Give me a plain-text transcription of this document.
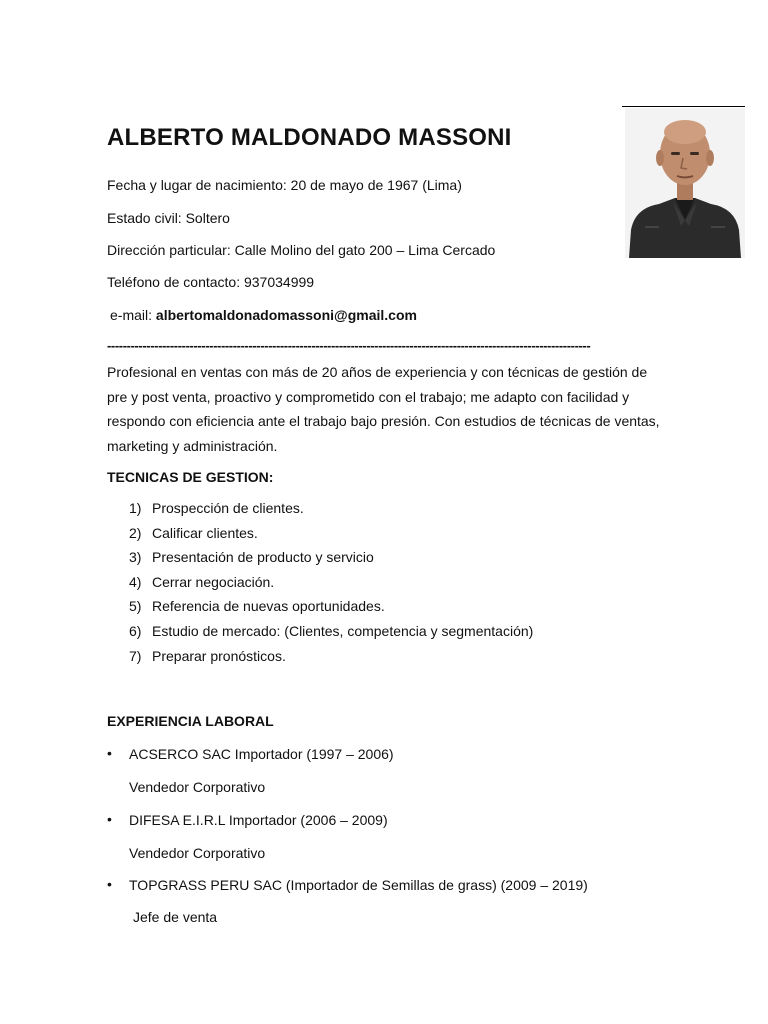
ALBERTO MALDONADO MASSONI
Fecha y lugar de nacimiento: 20 de mayo de 1967 (Lima)
Estado civil: Soltero
Dirección particular: Calle Molino del gato 200 – Lima Cercado
Teléfono de contacto: 937034999
e-mail: albertomaldonadomassoni@gmail.com
---------------------------------------------------------------------------------------------------------------------------

Profesional en ventas con más de 20 años de experiencia y con técnicas de gestión de pre y post venta, proactivo y comprometido con el trabajo; me adapto con facilidad y respondo con eficiencia ante el trabajo bajo presión. Con estudios de técnicas de ventas, marketing y administración.

TECNICAS DE GESTION:
1) Prospección de clientes.
2) Calificar clientes.
3) Presentación de producto y servicio
4) Cerrar negociación.
5) Referencia de nuevas oportunidades.
6) Estudio de mercado: (Clientes, competencia y segmentación)
7) Preparar pronósticos.
EXPERIENCIA LABORAL
• ACSERCO SAC Importador (1997 – 2006)
Vendedor Corporativo
• DIFESA E.I.R.L Importador (2006 – 2009)
Vendedor Corporativo
• TOPGRASS PERU SAC (Importador de Semillas de grass) (2009 – 2019)
Jefe de venta
